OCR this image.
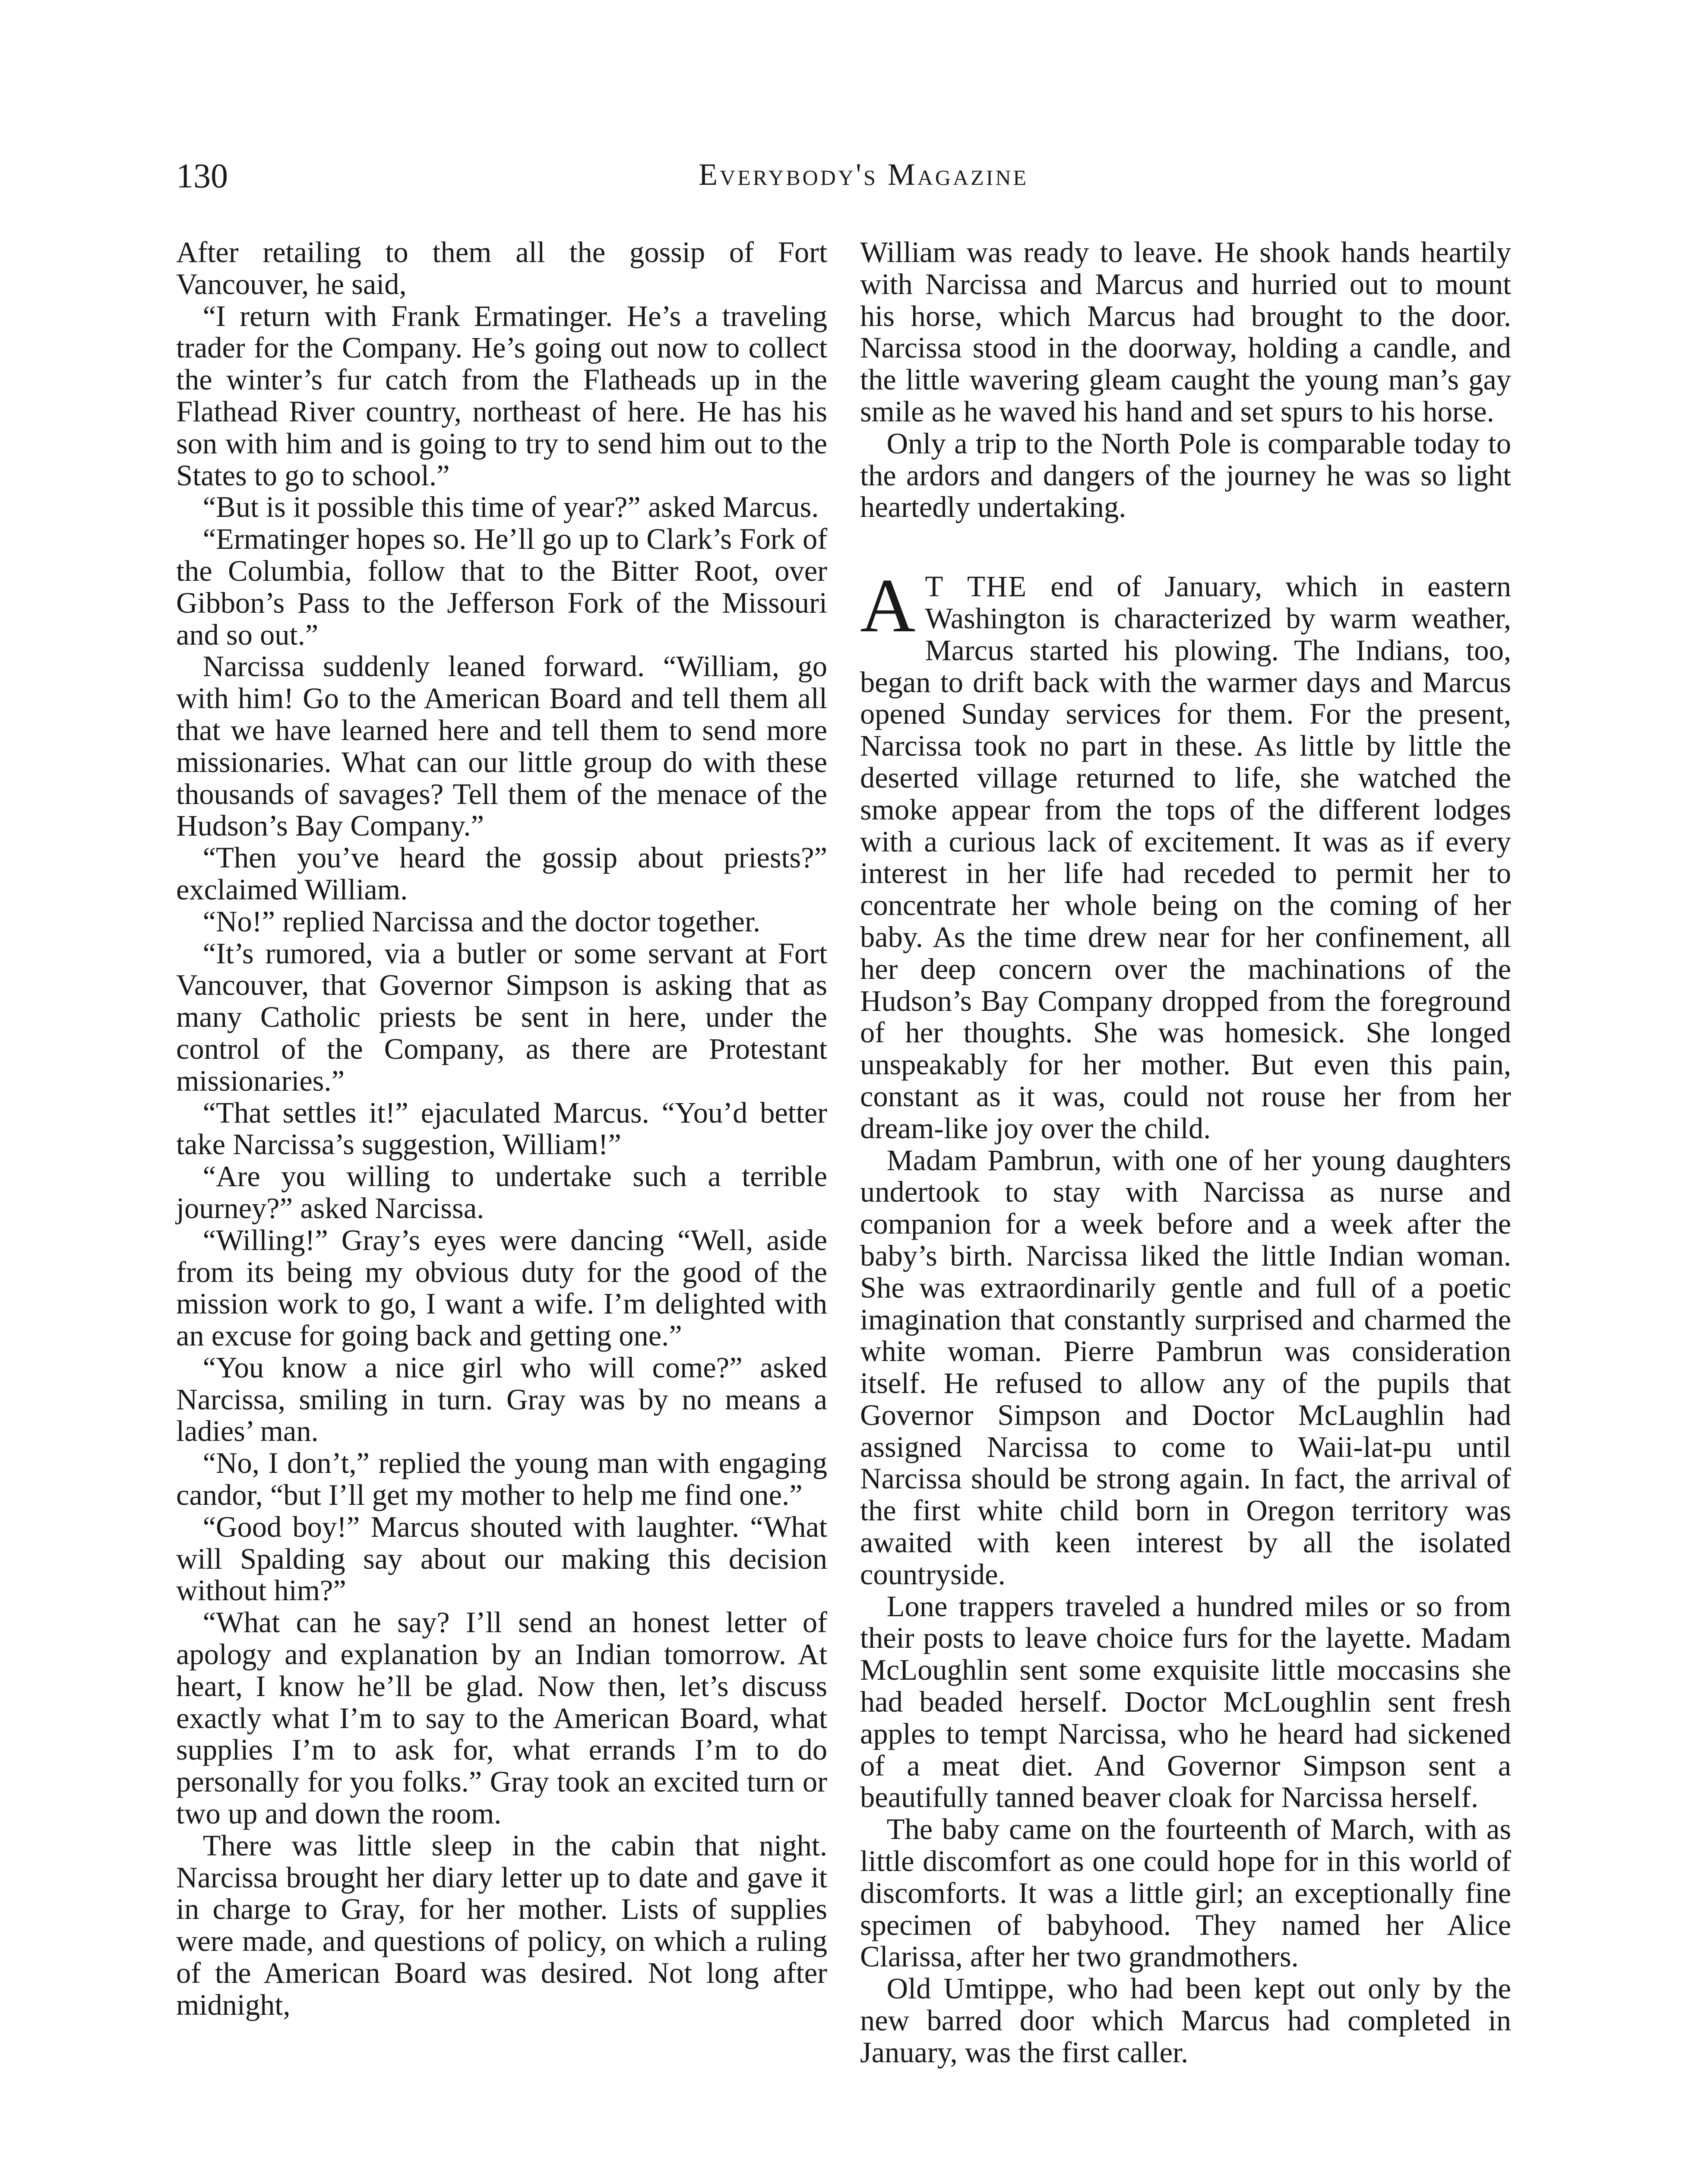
130	Everybody's Magazine

After retailing to them all the gossip of Fort Vancouver, he said,

“I return with Frank Ermatinger. He’s a traveling trader for the Company. He’s going out now to collect the winter’s fur catch from the Flatheads up in the Flathead River country, northeast of here. He has his son with him and is going to try to send him out to the States to go to school.”

“But is it possible this time of year?” asked Marcus.

“Ermatinger hopes so. He’ll go up to Clark’s Fork of the Columbia, follow that to the Bitter Root, over Gibbon’s Pass to the Jefferson Fork of the Missouri and so out.”

Narcissa suddenly leaned forward. “William, go with him! Go to the American Board and tell them all that we have learned here and tell them to send more missionaries. What can our little group do with these thousands of savages? Tell them of the menace of the Hudson’s Bay Company.”

“Then you’ve heard the gossip about priests?” exclaimed William.

“No!” replied Narcissa and the doctor together.

“It’s rumored, via a butler or some servant at Fort Vancouver, that Governor Simpson is asking that as many Catholic priests be sent in here, under the control of the Company, as there are Protestant missionaries.”

“That settles it!” ejaculated Marcus. “You’d better take Narcissa’s suggestion, William!”

“Are you willing to undertake such a terrible journey?” asked Narcissa.

“Willing!” Gray’s eyes were dancing “Well, aside from its being my obvious duty for the good of the mission work to go, I want a wife. I’m delighted with an excuse for going back and getting one.”

“You know a nice girl who will come?” asked Narcissa, smiling in turn. Gray was by no means a ladies’ man.

“No, I don’t,” replied the young man with engaging candor, “but I’ll get my mother to help me find one.”

“Good boy!” Marcus shouted with laughter. “What will Spalding say about our making this decision without him?”

“What can he say? I’ll send an honest letter of apology and explanation by an Indian tomorrow. At heart, I know he’ll be glad. Now then, let’s discuss exactly what I’m to say to the American Board, what supplies I’m to ask for, what errands I’m to do personally for you folks.” Gray took an excited turn or two up and down the room.

There was little sleep in the cabin that night. Narcissa brought her diary letter up to date and gave it in charge to Gray, for her mother. Lists of supplies were made, and questions of policy, on which a ruling of the American Board was desired. Not long after midnight,

William was ready to leave. He shook hands heartily with Narcissa and Marcus and hurried out to mount his horse, which Marcus had brought to the door. Narcissa stood in the doorway, holding a candle, and the little wavering gleam caught the young man’s gay smile as he waved his hand and set spurs to his horse.

Only a trip to the North Pole is comparable today to the ardors and dangers of the journey he was so light heartedly undertaking.

A T THE end of January, which in eastern Washington is characterized by warm weather, Marcus started his plowing. The Indians, too, began to drift back with the warmer days and Marcus opened Sunday services for them. For the present, Narcissa took no part in these. As little by little the deserted village returned to life, she watched the smoke appear from the tops of the different lodges with a curious lack of excitement. It was as if every interest in her life had receded to permit her to concentrate her whole being on the coming of her baby. As the time drew near for her confinement, all her deep concern over the machinations of the Hudson’s Bay Company dropped from the foreground of her thoughts. She was homesick. She longed unspeakably for her mother. But even this pain, constant as it was, could not rouse her from her dream-like joy over the child.

Madam Pambrun, with one of her young daughters undertook to stay with Narcissa as nurse and companion for a week before and a week after the baby’s birth. Narcissa liked the little Indian woman. She was extraordinarily gentle and full of a poetic imagination that constantly surprised and charmed the white woman. Pierre Pambrun was consideration itself. He refused to allow any of the pupils that Governor Simpson and Doctor McLaughlin had assigned Narcissa to come to Waii-lat-pu until Narcissa should be strong again. In fact, the arrival of the first white child born in Oregon territory was awaited with keen interest by all the isolated countryside.

Lone trappers traveled a hundred miles or so from their posts to leave choice furs for the layette. Madam McLoughlin sent some exquisite little moccasins she had beaded herself. Doctor McLoughlin sent fresh apples to tempt Narcissa, who he heard had sickened of a meat diet. And Governor Simpson sent a beautifully tanned beaver cloak for Narcissa herself.

The baby came on the fourteenth of March, with as little discomfort as one could hope for in this world of discomforts. It was a little girl; an exceptionally fine specimen of babyhood. They named her Alice Clarissa, after her two grandmothers.

Old Umtippe, who had been kept out only by the new barred door which Marcus had completed in January, was the first caller.
